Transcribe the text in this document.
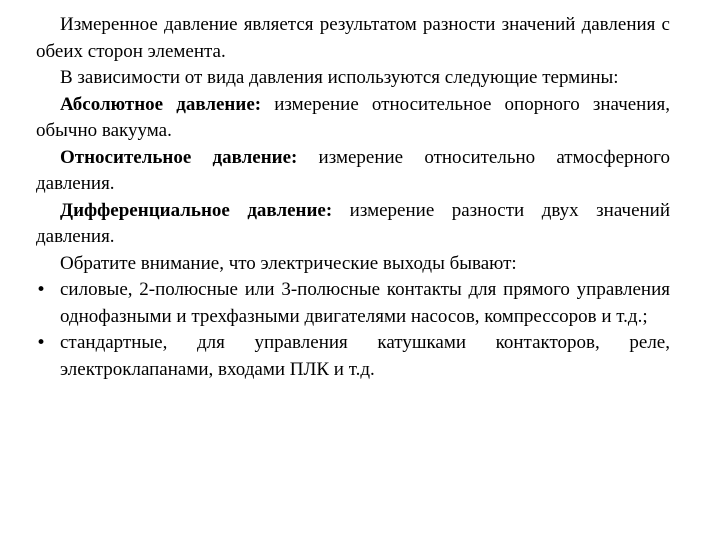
Измеренное давление является результатом разности значений давления с обеих сторон элемента.

В зависимости от вида давления используются следующие термины:

Абсолютное давление: измерение относительное опорного значения, обычно вакуума.

Относительное давление: измерение относительно атмосферного давления.

Дифференциальное давление: измерение разности двух значений давления.

Обратите внимание, что электрические выходы бывают:

• силовые, 2-полюсные или 3-полюсные контакты для прямого управления однофазными и трехфазными двигателями насосов, компрессоров и т.д.;
• стандартные, для управления катушками контакторов, реле, электроклапанами, входами ПЛК и т.д.
